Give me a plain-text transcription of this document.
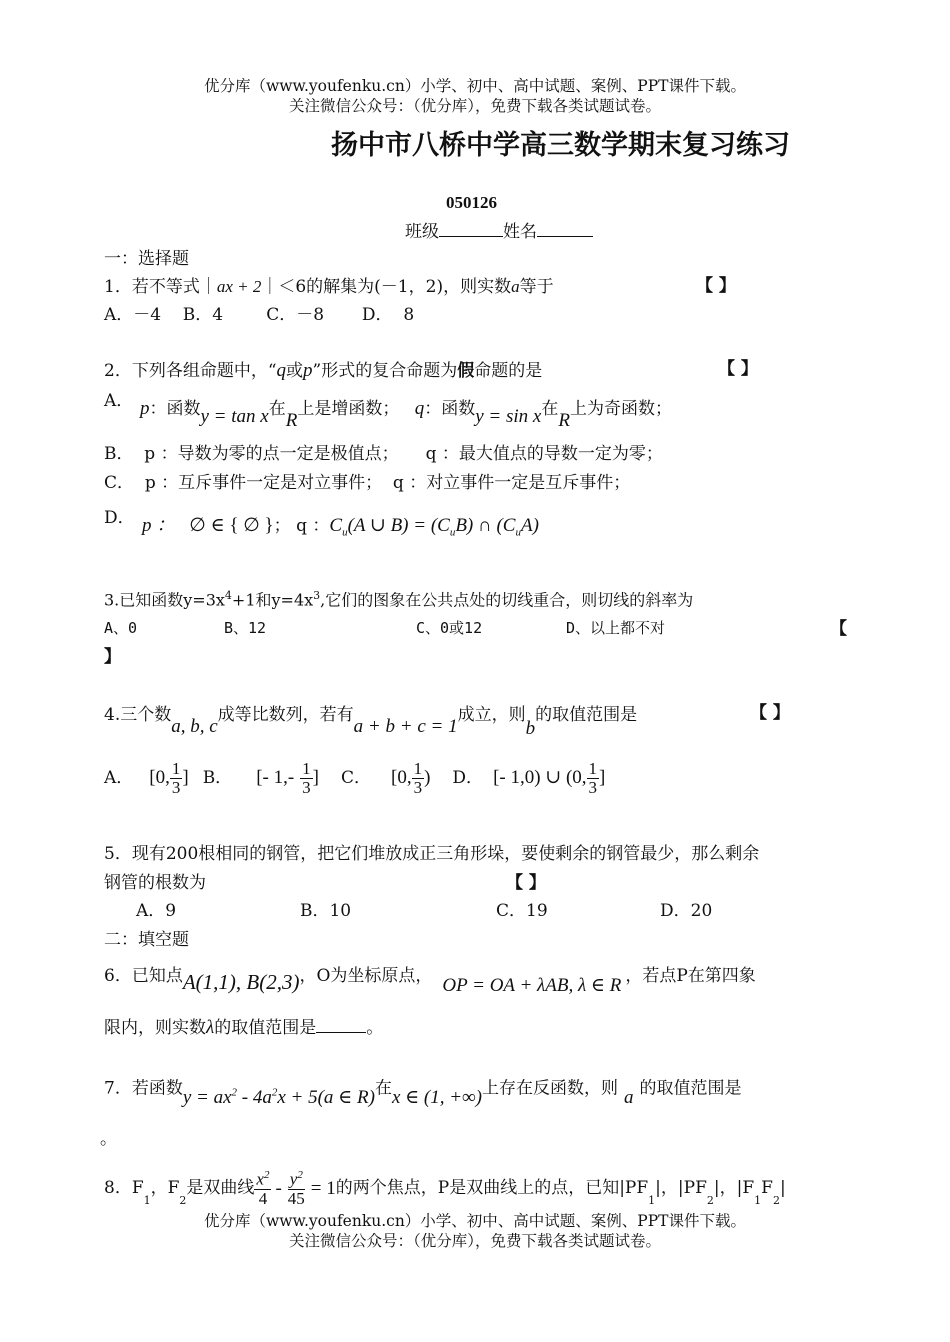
优分库（www.youfenku.cn）小学、初中、高中试题、案例、PPT课件下载。
关注微信公众号：（优分库），免费下载各类试题试卷。
扬中市八桥中学高三数学期末复习练习
050126
班级	姓名
一：选择题
1．若不等式｜ax + 2｜＜6的解集为(－1，2)，则实数a等于	【 】
A．－4    B．4        C．－8       D．  8
2．下列各组命题中，“q或p”形式的复合命题为假命题的是	【 】
A． p：函数y = tan x在R上是增函数； q：函数y = sin x在R上为奇函数；
B．  p ：导数为零的点一定是极值点；     q ：最大值点的导数一定为零；
C．  p ：互斥事件一定是对立事件；  q ：对立事件一定是互斥事件；
D． p ： ∅ ∈ { ∅ }； q ：$C_u(A$ ∪ $B) = (C_uB)$ ∩ $(C_uA)$
3.已知函数$y=3x^4+1$和$y=4x^3$,它们的图象在公共点处的切线重合，则切线的斜率为
A、0	B、12	C、0或12	D、以上都不对	【
】
4.三个数a, b, c成等比数列，若有a + b + c = 1成立，则b的取值范围是	【 】
A． [0, $\frac{1}{3}$ ] B． [- $1,- \frac{1}{3}$ ] C． [0, $\frac{1}{3}$ ) D． [- 1,0) ∪ (0, $\frac{1}{3}$ ]
5．现有200根相同的钢管，把它们堆放成正三角形垛，要使剩余的钢管最少，那么剩余
钢管的根数为	【 】
A．9	B．10	C．19	D．20
二：填空题
6．已知点A(1,1), B(2,3)，O为坐标原点， OP = OA + λAB, λ ∈ R ，若点P在第四象
限内，则实数λ的取值范围是	。
7．若函数$y = ax^2 - 4a^2x + 5(a$ ∈ R)在x ∈ (1, +∞)上存在反函数，则 a 的取值范围是
。
8．F
$_1$
，F
$_2$
是双曲线 $\frac{x^2}{4} - \frac{y^2}{45} = 1$ 的两个焦点，P是双曲线上的点，已知|PF
$_1$
|，|PF
$_2$
|，|F
$_1$
F
$_2$
|
优分库（www.youfenku.cn）小学、初中、高中试题、案例、PPT课件下载。
关注微信公众号：（优分库），免费下载各类试题试卷。
